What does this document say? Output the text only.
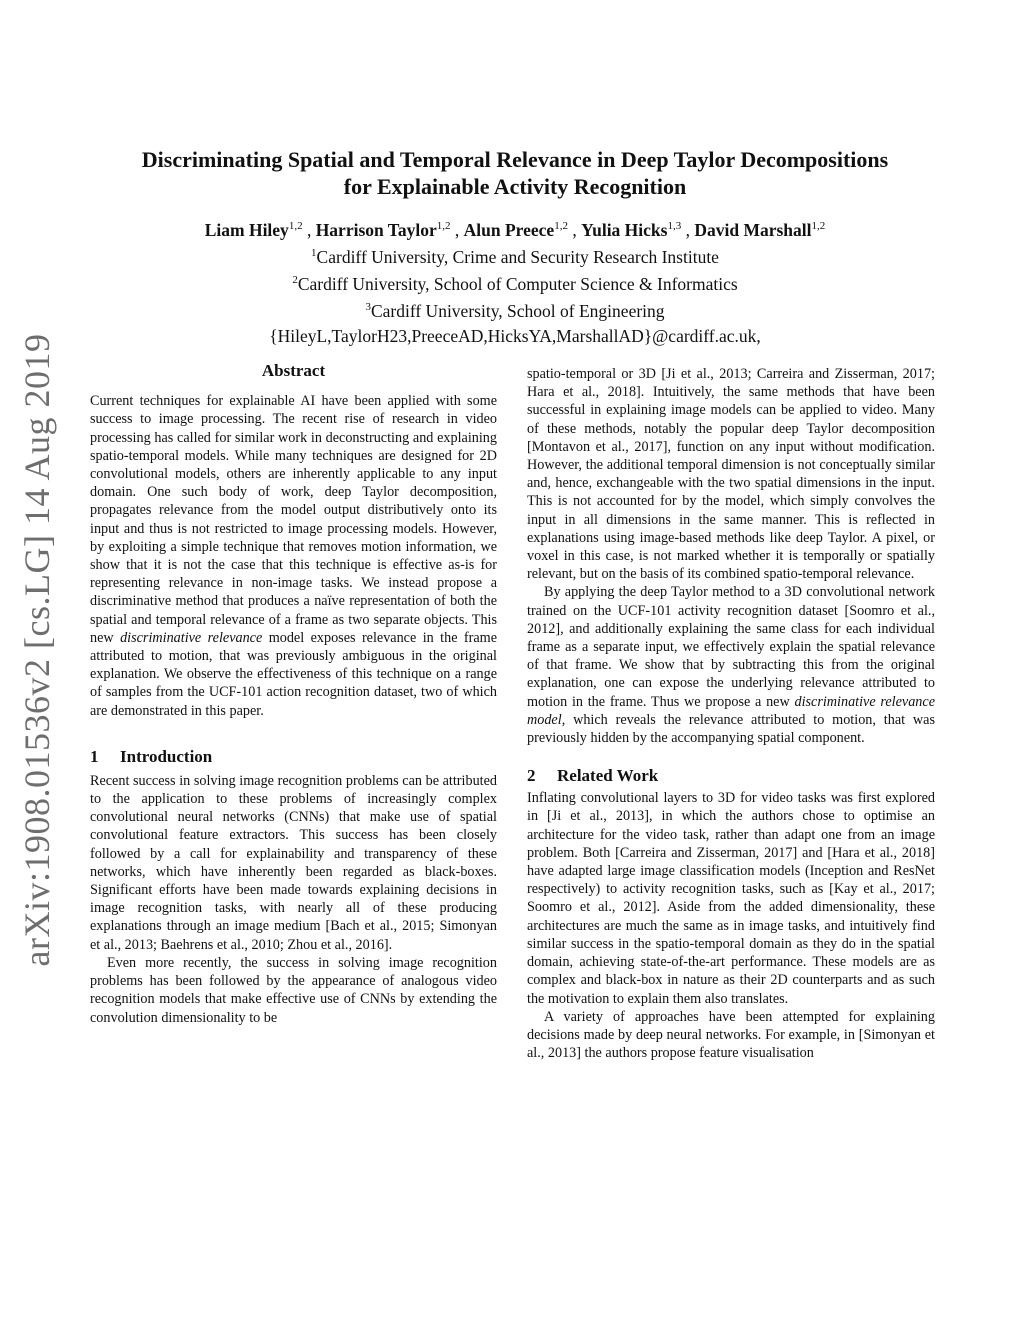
arXiv:1908.01536v2 [cs.LG] 14 Aug 2019
Discriminating Spatial and Temporal Relevance in Deep Taylor Decompositions
for Explainable Activity Recognition
Liam Hiley$^{1,2}$ , Harrison Taylor$^{1,2}$ , Alun Preece$^{1,2}$ , Yulia Hicks$^{1,3}$ , David Marshall$^{1,2}$
$^1$Cardiff University, Crime and Security Research Institute
$^2$Cardiff University, School of Computer Science & Informatics
$^3$Cardiff University, School of Engineering
{HileyL,TaylorH23,PreeceAD,HicksYA,MarshallAD}@cardiff.ac.uk,
Abstract

Current techniques for explainable AI have been applied with some success to image processing. The recent rise of research in video processing has called for similar work in deconstructing and explaining spatio-temporal models. While many techniques are designed for 2D convolutional models, others are inherently applicable to any input domain. One such body of work, deep Taylor decomposition, propagates relevance from the model output distributively onto its input and thus is not restricted to image processing models. However, by exploiting a simple technique that removes motion information, we show that it is not the case that this technique is effective as-is for representing relevance in non-image tasks. We instead propose a discriminative method that produces a naïve representation of both the spatial and temporal relevance of a frame as two separate objects. This new discriminative relevance model exposes relevance in the frame attributed to motion, that was previously ambiguous in the original explanation. We observe the effectiveness of this technique on a range of samples from the UCF-101 action recognition dataset, two of which are demonstrated in this paper.

1 Introduction

Recent success in solving image recognition problems can be attributed to the application to these problems of increasingly complex convolutional neural networks (CNNs) that make use of spatial convolutional feature extractors. This success has been closely followed by a call for explainability and transparency of these networks, which have inherently been regarded as black-boxes. Significant efforts have been made towards explaining decisions in image recognition tasks, with nearly all of these producing explanations through an image medium [Bach et al., 2015; Simonyan et al., 2013; Baehrens et al., 2010; Zhou et al., 2016].

Even more recently, the success in solving image recognition problems has been followed by the appearance of analogous video recognition models that make effective use of CNNs by extending the convolution dimensionality to be

spatio-temporal or 3D [Ji et al., 2013; Carreira and Zisserman, 2017; Hara et al., 2018]. Intuitively, the same methods that have been successful in explaining image models can be applied to video. Many of these methods, notably the popular deep Taylor decomposition [Montavon et al., 2017], function on any input without modification. However, the additional temporal dimension is not conceptually similar and, hence, exchangeable with the two spatial dimensions in the input. This is not accounted for by the model, which simply convolves the input in all dimensions in the same manner. This is reflected in explanations using image-based methods like deep Taylor. A pixel, or voxel in this case, is not marked whether it is temporally or spatially relevant, but on the basis of its combined spatio-temporal relevance.

By applying the deep Taylor method to a 3D convolutional network trained on the UCF-101 activity recognition dataset [Soomro et al., 2012], and additionally explaining the same class for each individual frame as a separate input, we effectively explain the spatial relevance of that frame. We show that by subtracting this from the original explanation, one can expose the underlying relevance attributed to motion in the frame. Thus we propose a new discriminative relevance model, which reveals the relevance attributed to motion, that was previously hidden by the accompanying spatial component.

2 Related Work

Inflating convolutional layers to 3D for video tasks was first explored in [Ji et al., 2013], in which the authors chose to optimise an architecture for the video task, rather than adapt one from an image problem. Both [Carreira and Zisserman, 2017] and [Hara et al., 2018] have adapted large image classification models (Inception and ResNet respectively) to activity recognition tasks, such as [Kay et al., 2017; Soomro et al., 2012]. Aside from the added dimensionality, these architectures are much the same as in image tasks, and intuitively find similar success in the spatio-temporal domain as they do in the spatial domain, achieving state-of-the-art performance. These models are as complex and black-box in nature as their 2D counterparts and as such the motivation to explain them also translates.

A variety of approaches have been attempted for explaining decisions made by deep neural networks. For example, in [Simonyan et al., 2013] the authors propose feature visualisation
